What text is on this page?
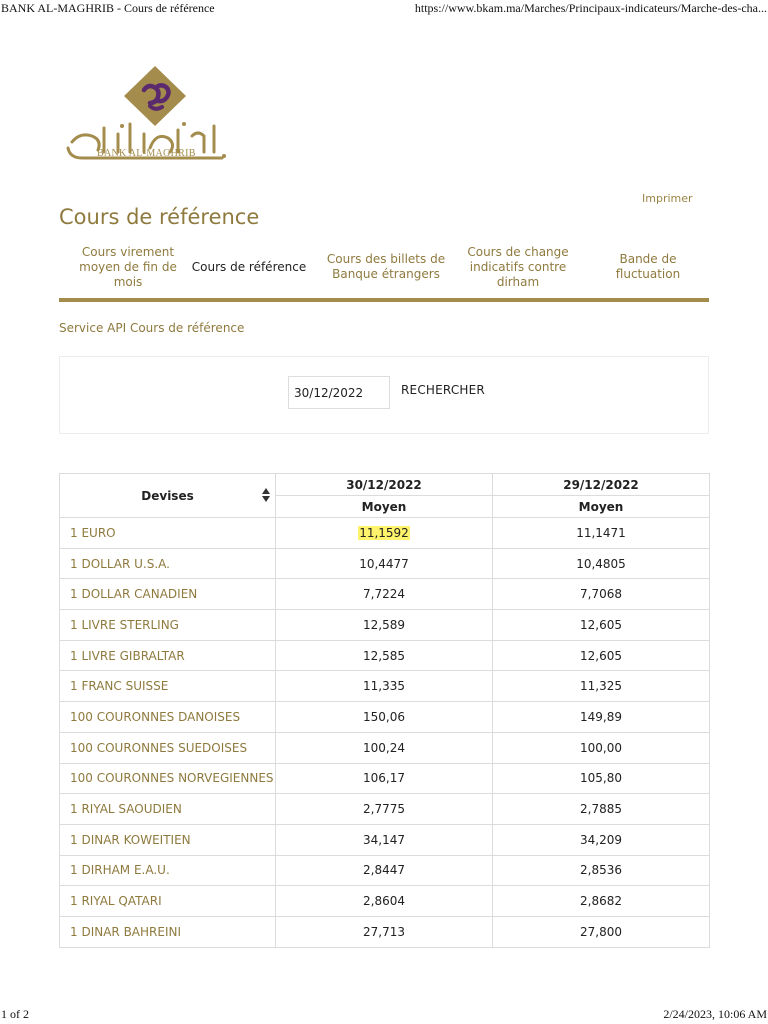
BANK AL-MAGHRIB - Cours de référence	https://www.bkam.ma/Marches/Principaux-indicateurs/Marche-des-cha...
BANK AL-MAGHRIB
Imprimer
Cours de référence
Cours virement moyen de fin de mois
Cours de référence
Cours des billets de Banque étrangers
Cours de change indicatifs contre dirham
Bande de fluctuation
Service API Cours de référence
30/12/2022
RECHERCHER
Devises	30/12/2022	29/12/2022
	Moyen	Moyen
1 EURO	11,1592	11,1471
1 DOLLAR U.S.A.	10,4477	10,4805
1 DOLLAR CANADIEN	7,7224	7,7068
1 LIVRE STERLING	12,589	12,605
1 LIVRE GIBRALTAR	12,585	12,605
1 FRANC SUISSE	11,335	11,325
100 COURONNES DANOISES	150,06	149,89
100 COURONNES SUEDOISES	100,24	100,00
100 COURONNES NORVEGIENNES	106,17	105,80
1 RIYAL SAOUDIEN	2,7775	2,7885
1 DINAR KOWEITIEN	34,147	34,209
1 DIRHAM E.A.U.	2,8447	2,8536
1 RIYAL QATARI	2,8604	2,8682
1 DINAR BAHREINI	27,713	27,800
1 of 2	2/24/2023, 10:06 AM
